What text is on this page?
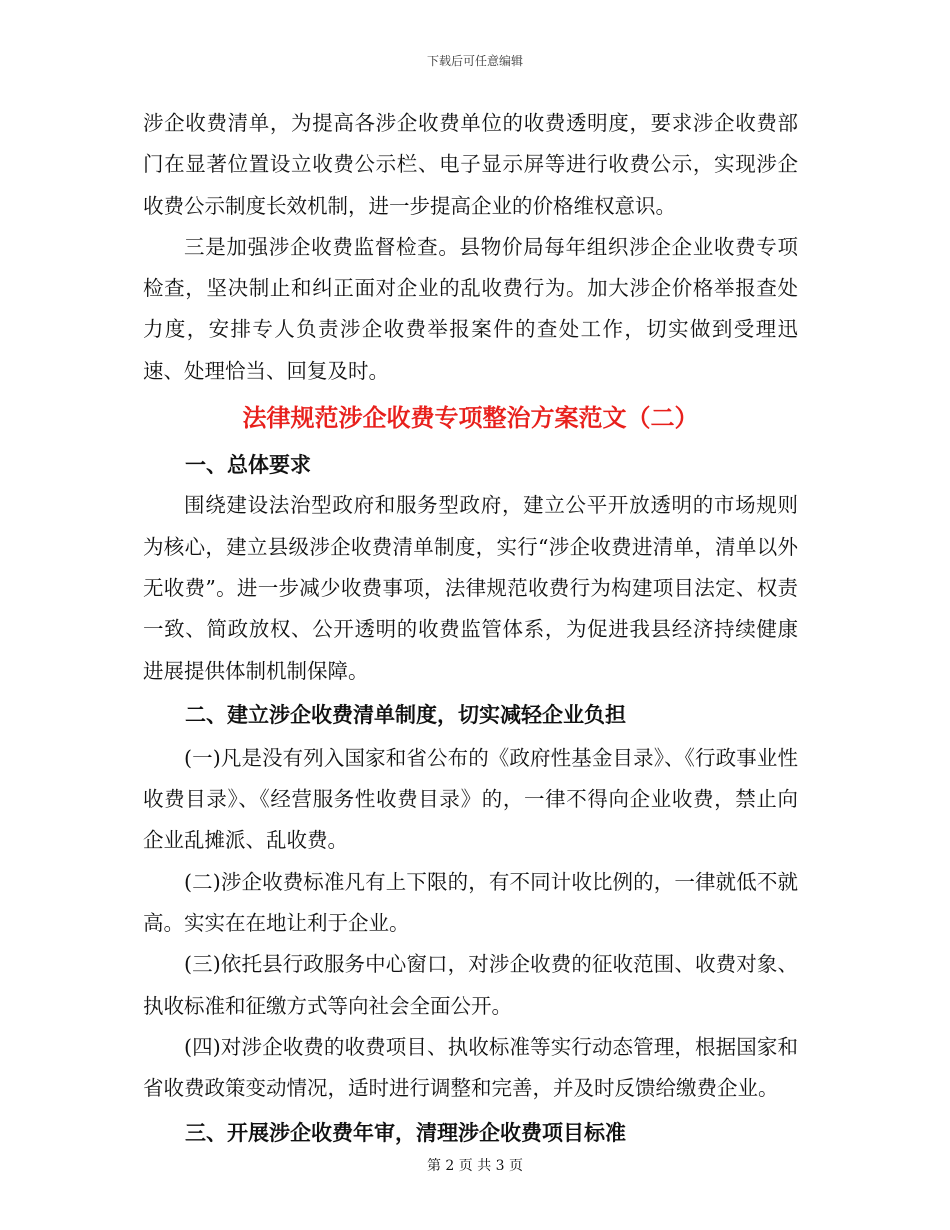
下载后可任意编辑

涉企收费清单，为提高各涉企收费单位的收费透明度，要求涉企收费部门在显著位置设立收费公示栏、电子显示屏等进行收费公示，实现涉企收费公示制度长效机制，进一步提高企业的价格维权意识。

三是加强涉企收费监督检查。县物价局每年组织涉企企业收费专项检查，坚决制止和纠正面对企业的乱收费行为。加大涉企价格举报查处力度，安排专人负责涉企收费举报案件的查处工作，切实做到受理迅速、处理恰当、回复及时。

法律规范涉企收费专项整治方案范文（二）
一、总体要求

围绕建设法治型政府和服务型政府，建立公平开放透明的市场规则为核心，建立县级涉企收费清单制度，实行“涉企收费进清单，清单以外无收费”。进一步减少收费事项，法律规范收费行为构建项目法定、权责一致、简政放权、公开透明的收费监管体系，为促进我县经济持续健康进展提供体制机制保障。

二、建立涉企收费清单制度，切实减轻企业负担

(一)凡是没有列入国家和省公布的《政府性基金目录》、《行政事业性收费目录》、《经营服务性收费目录》的，一律不得向企业收费，禁止向企业乱摊派、乱收费。

(二)涉企收费标准凡有上下限的，有不同计收比例的，一律就低不就高。实实在在地让利于企业。

(三)依托县行政服务中心窗口，对涉企收费的征收范围、收费对象、执收标准和征缴方式等向社会全面公开。

(四)对涉企收费的收费项目、执收标准等实行动态管理，根据国家和省收费政策变动情况，适时进行调整和完善，并及时反馈给缴费企业。

三、开展涉企收费年审，清理涉企收费项目标准
第 2 页 共 3 页
